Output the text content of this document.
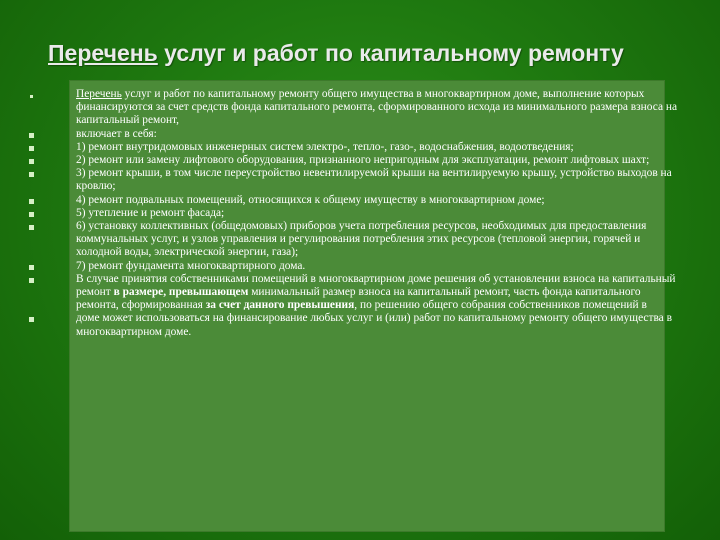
Перечень услуг и работ по капитальному ремонту
Перечень услуг и работ по капитальному ремонту общего имущества в многоквартирном доме, выполнение которых финансируются за счет средств фонда капитального ремонта, сформированного исхода из минимального размера взноса на капитальный ремонт,
включает в себя:
1) ремонт внутридомовых инженерных систем электро-, тепло-, газо-, водоснабжения, водоотведения;
2) ремонт или замену лифтового оборудования, признанного непригодным для эксплуатации, ремонт лифтовых шахт;
3) ремонт крыши, в том числе переустройство невентилируемой крыши на вентилируемую крышу, устройство выходов на кровлю;
4) ремонт подвальных помещений, относящихся к общему имуществу в многоквартирном доме;
5) утепление и ремонт фасада;
6) установку коллективных (общедомовых) приборов учета потребления ресурсов, необходимых для предоставления коммунальных услуг, и узлов управления и регулирования потребления этих ресурсов (тепловой энергии, горячей и холодной воды, электрической энергии, газа);
7) ремонт фундамента многоквартирного дома.
В случае принятия собственниками помещений в многоквартирном доме решения об установлении взноса на капитальный ремонт в размере, превышающем минимальный размер взноса на капитальный ремонт, часть фонда капитального ремонта, сформированная за счет данного превышения, по решению общего собрания собственников помещений в
доме может использоваться на финансирование любых услуг и (или) работ по капитальному ремонту общего имущества в многоквартирном доме.
